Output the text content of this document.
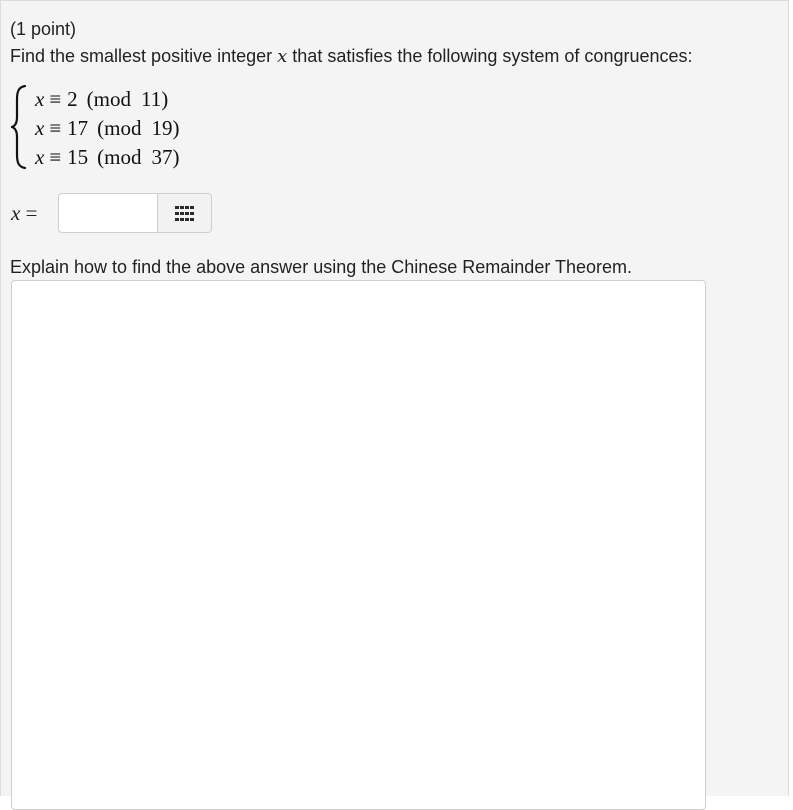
(1 point)
Find the smallest positive integer x that satisfies the following system of congruences:
x ≡ 2 (mod 11)
x ≡ 17 (mod 19)
x ≡ 15 (mod 37)
x =
Explain how to find the above answer using the Chinese Remainder Theorem.
